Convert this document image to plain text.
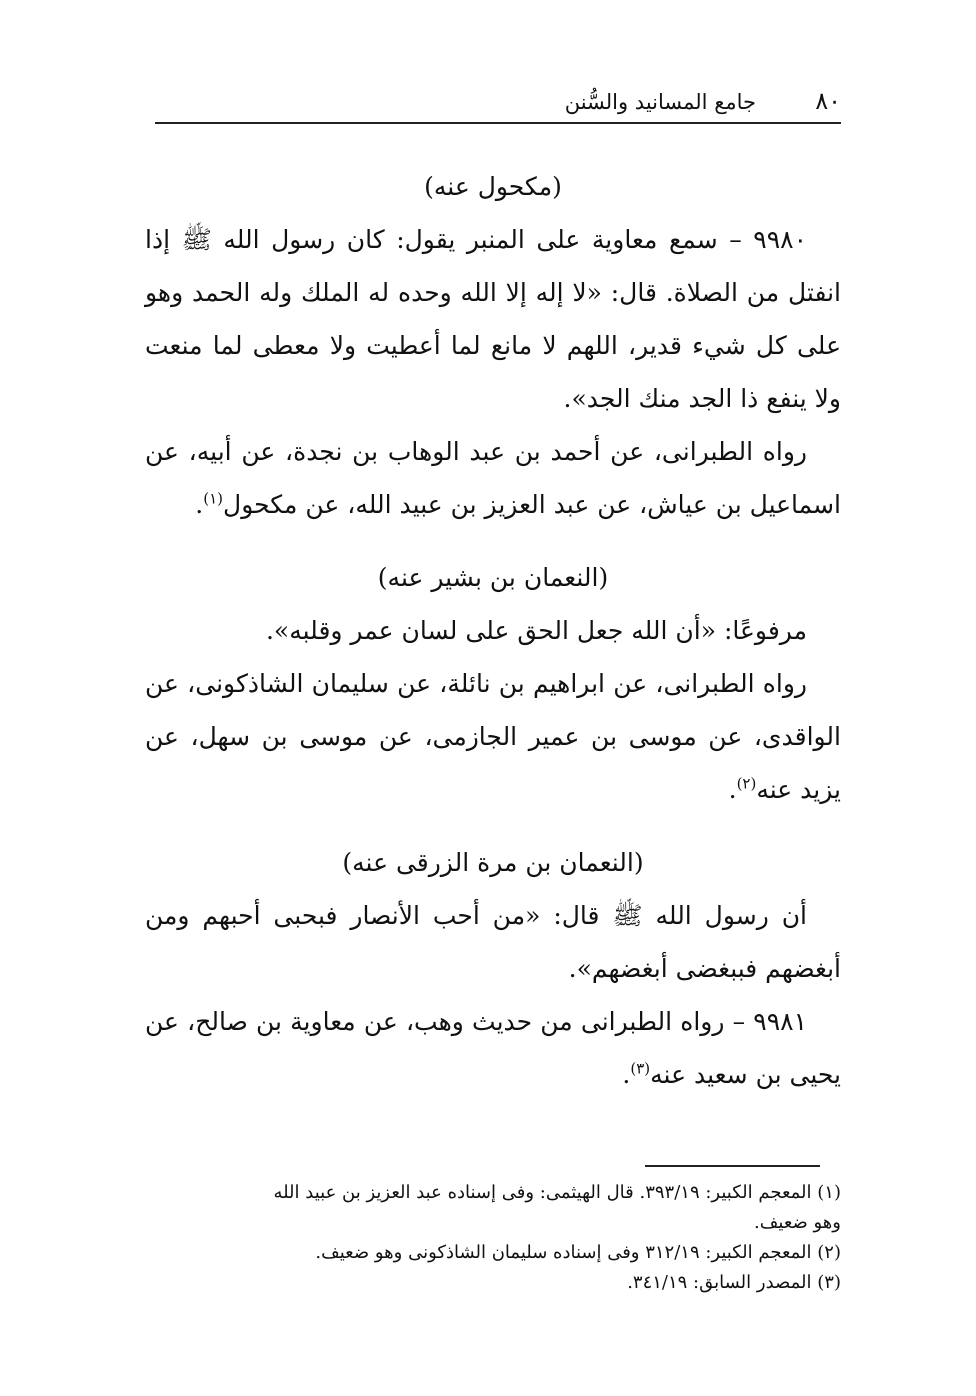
٨٠
جامع المسانيد والسُّنن

(مكحول عنه)

٩٩٨٠ – سمع معاوية على المنبر يقول: كان رسول الله ﷺ إذا انفتل من الصلاة. قال: «لا إله إلا الله وحده له الملك وله الحمد وهو على كل شيء قدير، اللهم لا مانع لما أعطيت ولا معطى لما منعت ولا ينفع ذا الجد منك الجد».

رواه الطبرانى، عن أحمد بن عبد الوهاب بن نجدة، عن أبيه، عن اسماعيل بن عياش، عن عبد العزيز بن عبيد الله، عن مكحول$^{(١)}$.

(النعمان بن بشير عنه)

مرفوعًا: «أن الله جعل الحق على لسان عمر وقلبه».

رواه الطبرانى، عن ابراهيم بن نائلة، عن سليمان الشاذكونى، عن الواقدى، عن موسى بن عمير الجازمى، عن موسى بن سهل، عن يزيد عنه$^{(٢)}$.

(النعمان بن مرة الزرقى عنه)

أن رسول الله ﷺ قال: «من أحب الأنصار فبحبى أحبهم ومن أبغضهم فببغضى أبغضهم».

٩٩٨١ – رواه الطبرانى من حديث وهب، عن معاوية بن صالح، عن يحيى بن سعيد عنه$^{(٣)}$.

(١) المعجم الكبير: ٣٩٣/١٩. قال الهيثمى: وفى إسناده عبد العزيز بن عبيد الله
وهو ضعيف.

(٢) المعجم الكبير: ٣١٢/١٩ وفى إسناده سليمان الشاذكونى وهو ضعيف.

(٣) المصدر السابق: ٣٤١/١٩.
